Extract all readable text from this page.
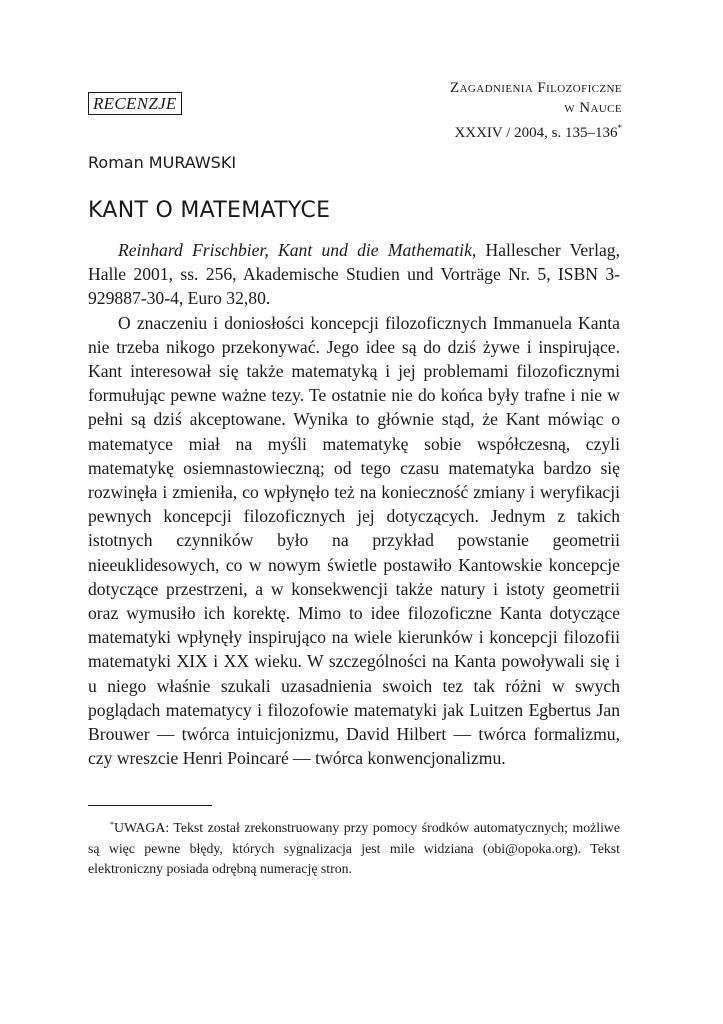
RECENZJE
Zagadnienia Filozoficzne
w Nauce
XXXIV / 2004, s. 135–136*
Roman MURAWSKI
KANT O MATEMATYCE

Reinhard Frischbier, Kant und die Mathematik, Hallescher Verlag, Halle 2001, ss. 256, Akademische Studien und Vorträge Nr. 5, ISBN 3-929887-30-4, Euro 32,80.

O znaczeniu i doniosłości koncepcji filozoficznych Immanuela Kanta nie trzeba nikogo przekonywać. Jego idee są do dziś żywe i inspirujące. Kant interesował się także matematyką i jej problemami filozoficznymi formułując pewne ważne tezy. Te ostatnie nie do końca były trafne i nie w pełni są dziś akceptowane. Wynika to głównie stąd, że Kant mówiąc o matematyce miał na myśli matematykę sobie współczesną, czyli matematykę osiemnastowieczną; od tego czasu matematyka bardzo się rozwinęła i zmieniła, co wpłynęło też na konieczność zmiany i weryfikacji pewnych koncepcji filozoficznych jej dotyczących. Jednym z takich istotnych czynników było na przykład powstanie geometrii nieeuklidesowych, co w nowym świetle postawiło Kantowskie koncepcje dotyczące przestrzeni, a w konsekwencji także natury i istoty geometrii oraz wymusiło ich korektę. Mimo to idee filozoficzne Kanta dotyczące matematyki wpłynęły inspirująco na wiele kierunków i koncepcji filozofii matematyki XIX i XX wieku. W szczególności na Kanta powoływali się i u niego właśnie szukali uzasadnienia swoich tez tak różni w swych poglądach matematycy i filozofowie matematyki jak Luitzen Egbertus Jan Brouwer — twórca intuicjonizmu, David Hilbert — twórca formalizmu, czy wreszcie Henri Poincaré — twórca konwencjonalizmu.

*UWAGA: Tekst został zrekonstruowany przy pomocy środków automatycznych; możliwe są więc pewne błędy, których sygnalizacja jest mile widziana (obi@opoka.org). Tekst elektroniczny posiada odrębną numerację stron.
